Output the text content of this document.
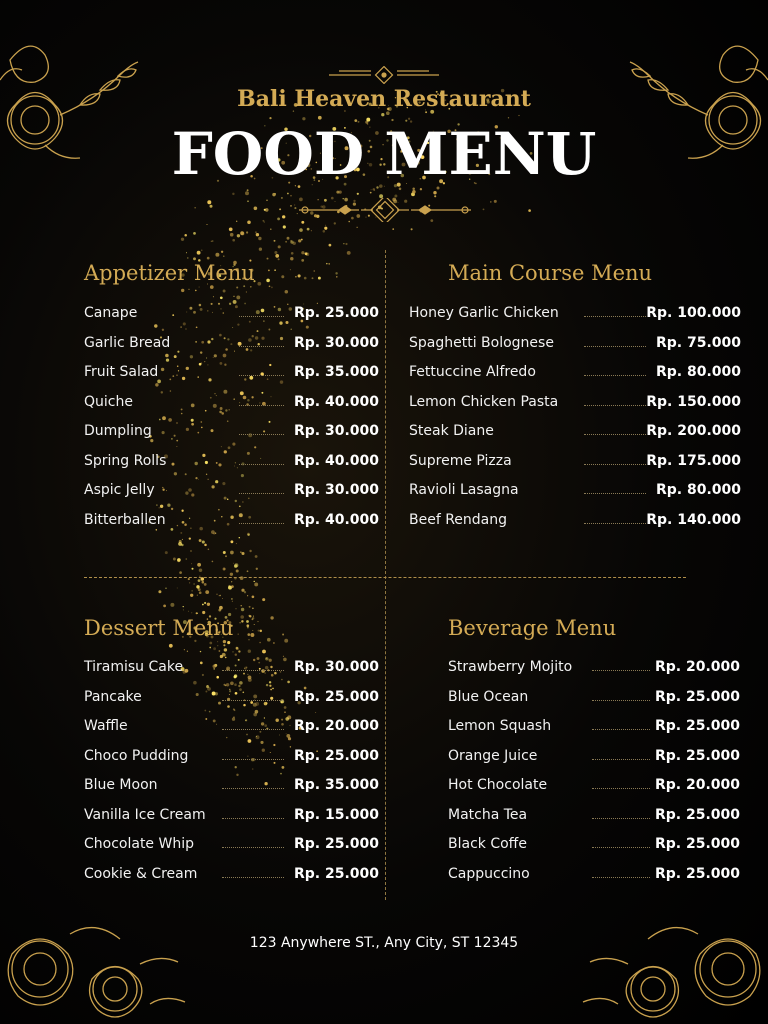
Bali Heaven Restaurant
FOOD MENU
Appetizer Menu
Canape	Rp. 25.000
Garlic Bread	Rp. 30.000
Fruit Salad	Rp. 35.000
Quiche	Rp. 40.000
Dumpling	Rp. 30.000
Spring Rolls	Rp. 40.000
Aspic Jelly	Rp. 30.000
Bitterballen	Rp. 40.000
Main Course Menu
Honey Garlic Chicken	Rp. 100.000
Spaghetti Bolognese	Rp. 75.000
Fettuccine Alfredo	Rp. 80.000
Lemon Chicken Pasta	Rp. 150.000
Steak Diane	Rp. 200.000
Supreme Pizza	Rp. 175.000
Ravioli Lasagna	Rp. 80.000
Beef Rendang	Rp. 140.000
Dessert Menu
Tiramisu Cake	Rp. 30.000
Pancake	Rp. 25.000
Waffle	Rp. 20.000
Choco Pudding	Rp. 25.000
Blue Moon	Rp. 35.000
Vanilla Ice Cream	Rp. 15.000
Chocolate Whip	Rp. 25.000
Cookie & Cream	Rp. 25.000
Beverage Menu
Strawberry Mojito	Rp. 20.000
Blue Ocean	Rp. 25.000
Lemon Squash	Rp. 25.000
Orange Juice	Rp. 25.000
Hot Chocolate	Rp. 20.000
Matcha Tea	Rp. 25.000
Black Coffe	Rp. 25.000
Cappuccino	Rp. 25.000
123 Anywhere ST., Any City, ST 12345
